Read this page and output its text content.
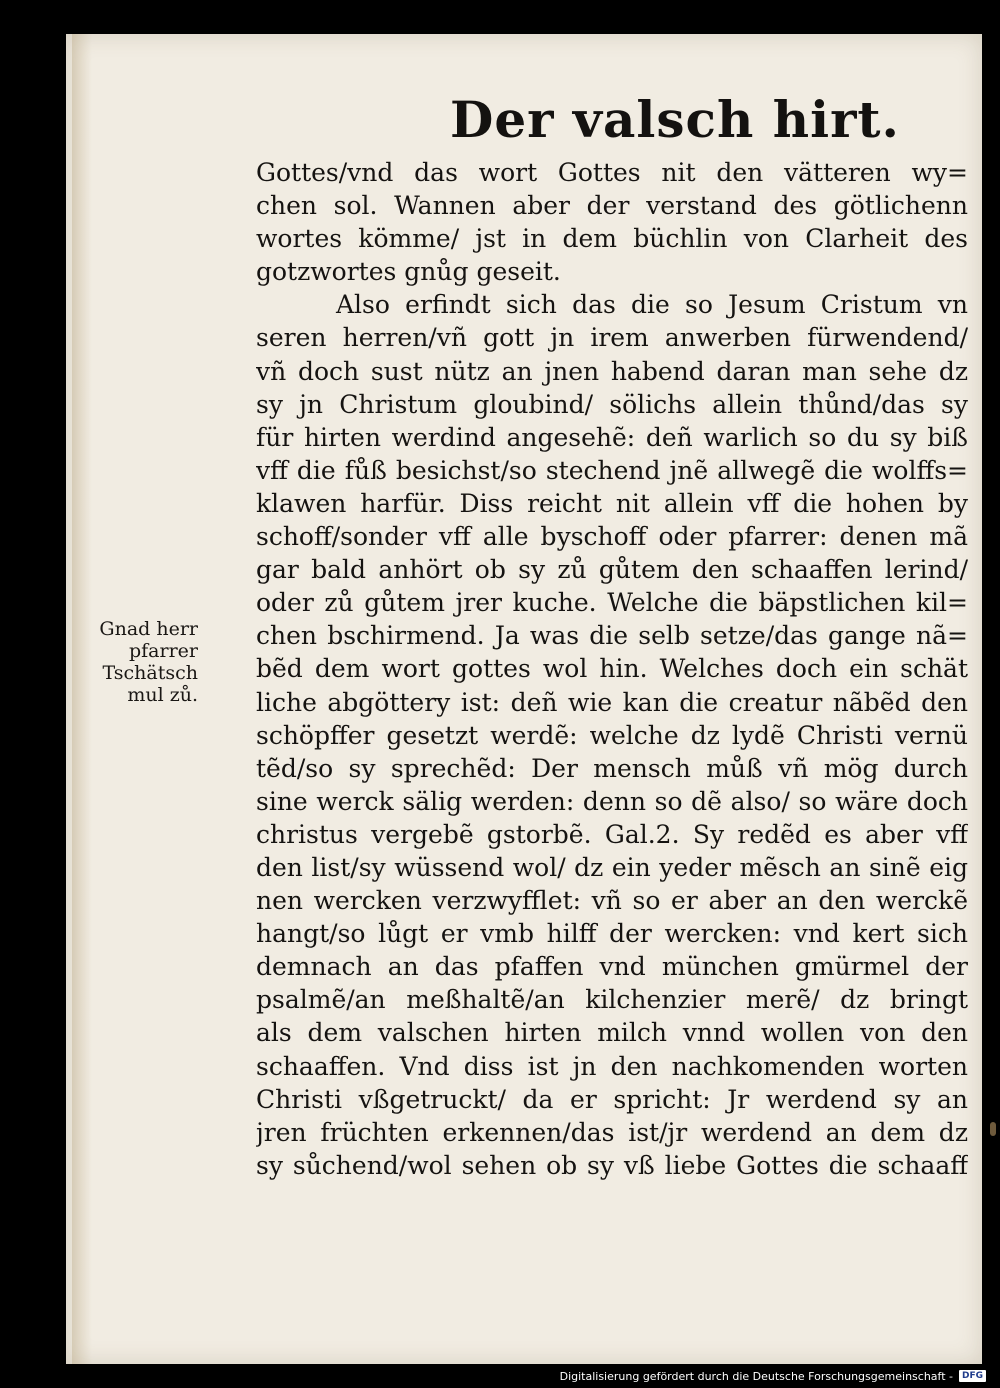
Der valsch hirt.
Gottes/vnd das wort Gottes nit den vätteren wy=
chen sol. Wannen aber der verstand des götlichenn
wortes kömme/ jst in dem büchlin von Clarheit des
gotzwortes gnůg geseit.
Also erfindt sich das die so Jesum Cristum vn
seren herren/vñ gott jn irem anwerben fürwendend/
vñ doch sust nütz an jnen habend daran man sehe dz
sy jn Christum gloubind/ sölichs allein thůnd/das sy
für hirten werdind angesehẽ: deñ warlich so du sy biß
vff die fůß besichst/so stechend jnẽ allwegẽ die wolffs=
klawen harfür. Diss reicht nit allein vff die hohen by
schoff/sonder vff alle byschoff oder pfarrer: denen mã
gar bald anhört ob sy zů gůtem den schaaffen lerind/
oder zů gůtem jrer kuche. Welche die bäpstlichen kil=
chen bschirmend. Ja was die selb setze/das gange nã=
bẽd dem wort gottes wol hin. Welches doch ein schät
liche abgöttery ist: deñ wie kan die creatur nãbẽd den
schöpffer gesetzt werdẽ: welche dz lydẽ Christi vernü
tẽd/so sy sprechẽd: Der mensch můß vñ mög durch
sine werck sälig werden: denn so dẽ also/ so wäre doch
christus vergebẽ gstorbẽ. Gal.2. Sy redẽd es aber vff
den list/sy wüssend wol/ dz ein yeder mẽsch an sinẽ eig
nen wercken verzwyfflet: vñ so er aber an den werckẽ
hangt/so lůgt er vmb hilff der wercken: vnd kert sich
demnach an das pfaffen vnd münchen gmürmel der
psalmẽ/an meßhaltẽ/an kilchenzier merẽ/ dz bringt
als dem valschen hirten milch vnnd wollen von den
schaaffen. Vnd diss ist jn den nachkomenden worten
Christi vßgetruckt/ da er spricht: Jr werdend sy an
jren früchten erkennen/das ist/jr werdend an dem dz
sy sůchend/wol sehen ob sy vß liebe Gottes die schaaff
Gnad herr
pfarrer
Tschätsch
mul zů.
Digitalisierung gefördert durch die Deutsche Forschungsgemeinschaft -	DFG
